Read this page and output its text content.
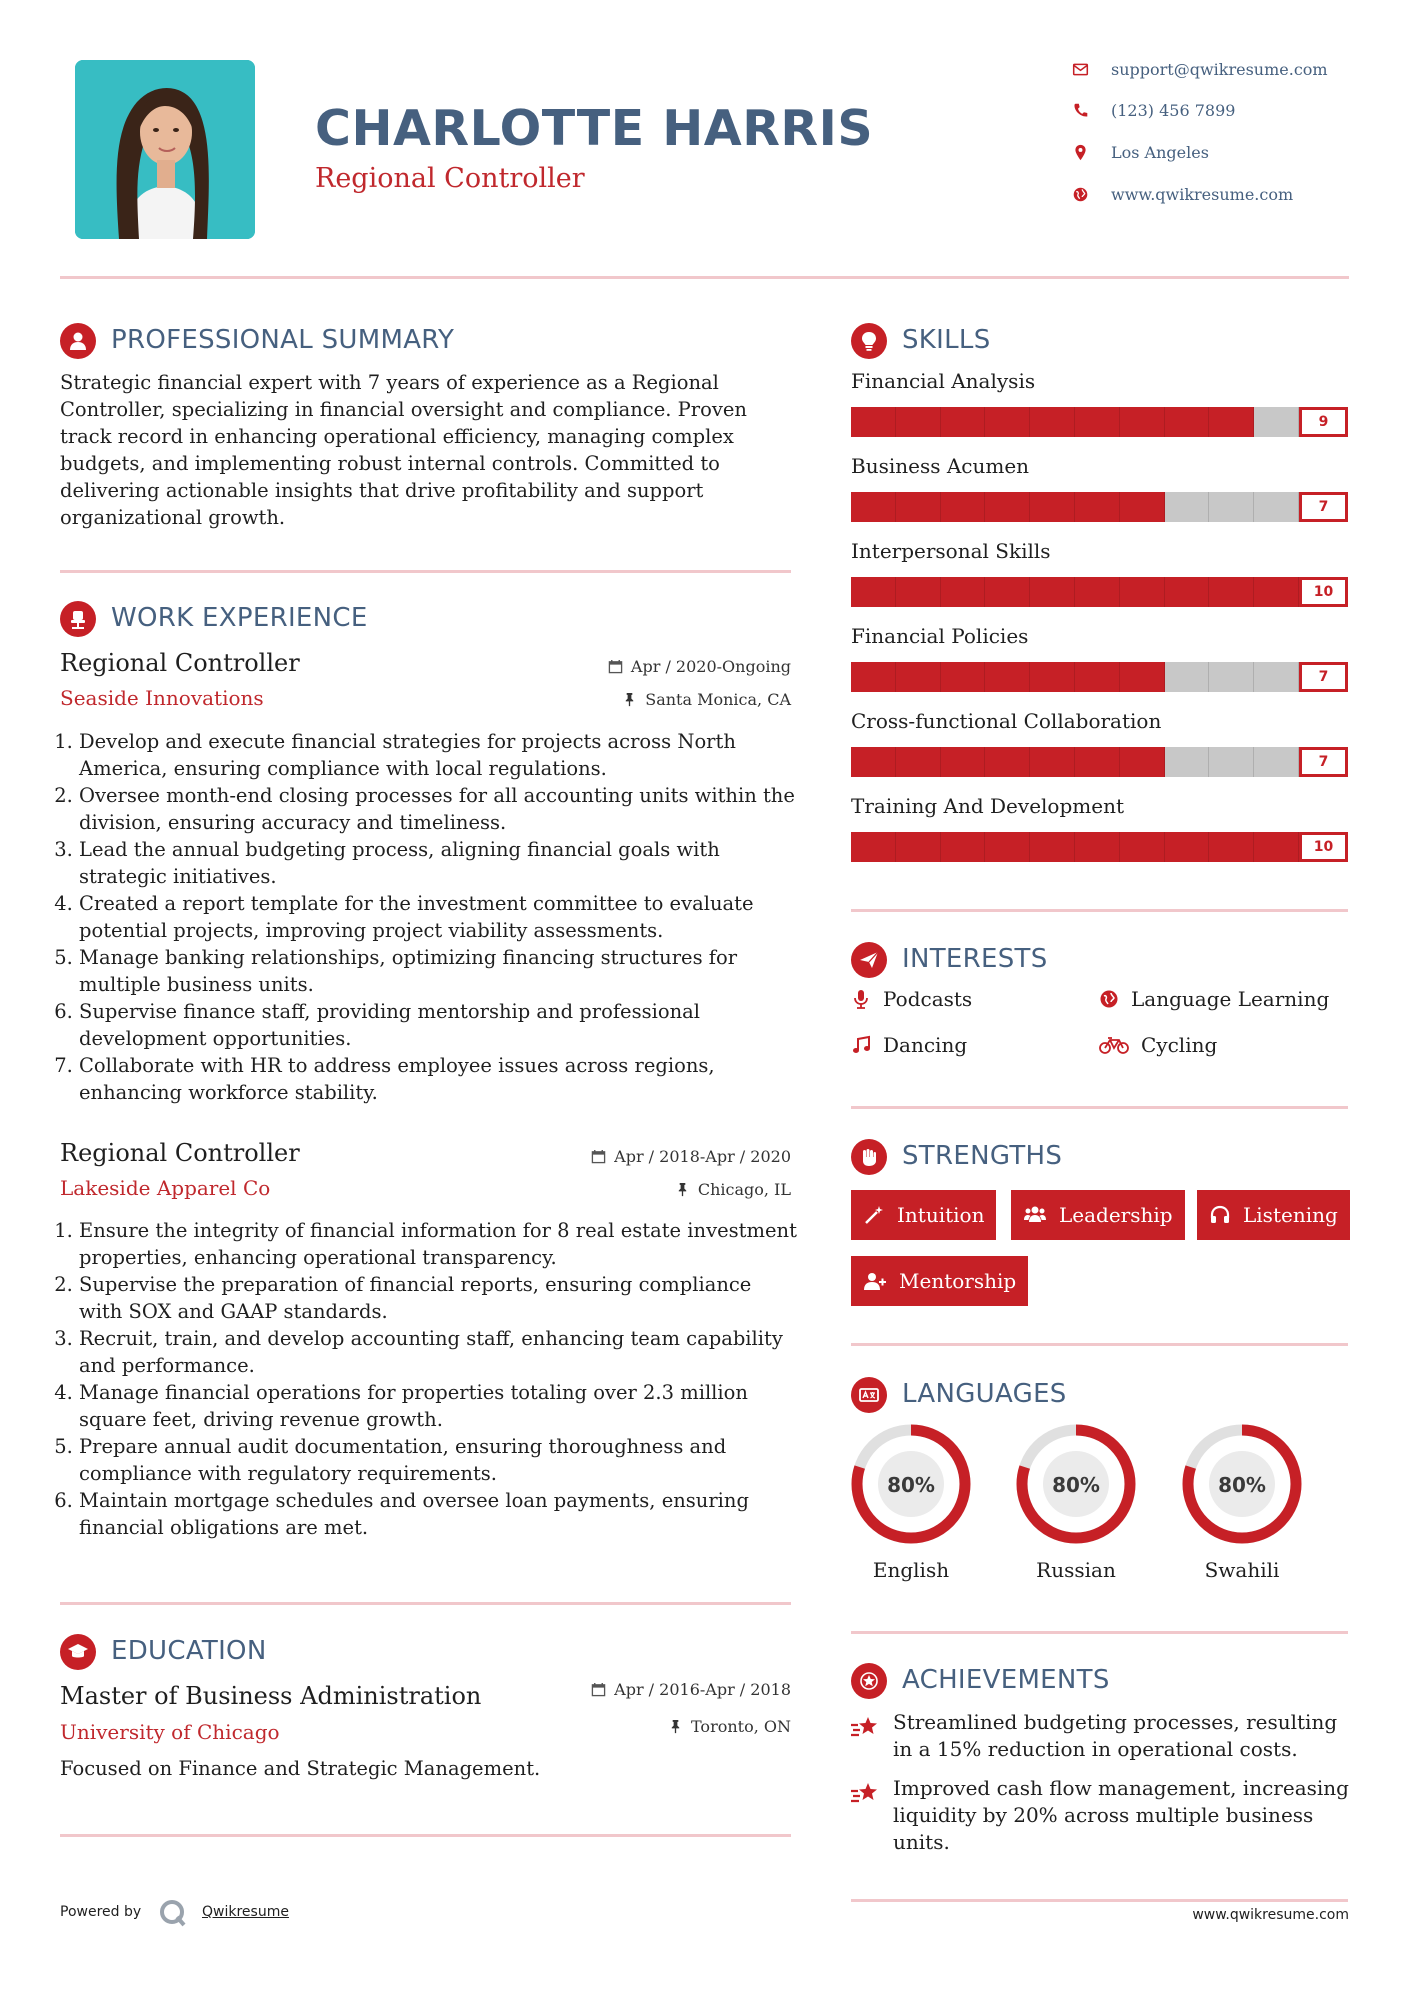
CHARLOTTE HARRIS
Regional Controller
support@qwikresume.com
(123) 456 7899
Los Angeles
www.qwikresume.com
PROFESSIONAL SUMMARY
Strategic financial expert with 7 years of experience as a Regional Controller, specializing in financial oversight and compliance. Proven track record in enhancing operational efficiency, managing complex budgets, and implementing robust internal controls. Committed to delivering actionable insights that drive profitability and support organizational growth.
WORK EXPERIENCE
Regional Controller	Apr / 2020-Ongoing
Seaside Innovations	Santa Monica, CA
1. Develop and execute financial strategies for projects across North America, ensuring compliance with local regulations.
2. Oversee month-end closing processes for all accounting units within the division, ensuring accuracy and timeliness.
3. Lead the annual budgeting process, aligning financial goals with strategic initiatives.
4. Created a report template for the investment committee to evaluate potential projects, improving project viability assessments.
5. Manage banking relationships, optimizing financing structures for multiple business units.
6. Supervise finance staff, providing mentorship and professional development opportunities.
7. Collaborate with HR to address employee issues across regions, enhancing workforce stability.
Regional Controller	Apr / 2018-Apr / 2020
Lakeside Apparel Co	Chicago, IL
1. Ensure the integrity of financial information for 8 real estate investment properties, enhancing operational transparency.
2. Supervise the preparation of financial reports, ensuring compliance with SOX and GAAP standards.
3. Recruit, train, and develop accounting staff, enhancing team capability and performance.
4. Manage financial operations for properties totaling over 2.3 million square feet, driving revenue growth.
5. Prepare annual audit documentation, ensuring thoroughness and compliance with regulatory requirements.
6. Maintain mortgage schedules and oversee loan payments, ensuring financial obligations are met.
EDUCATION
Master of Business Administration	Apr / 2016-Apr / 2018
University of Chicago	Toronto, ON
Focused on Finance and Strategic Management.
Powered by	Qwikresume
SKILLS
Financial Analysis
9
Business Acumen
7
Interpersonal Skills
10
Financial Policies
7
Cross-functional Collaboration
7
Training And Development
10
INTERESTS
Podcasts	Language Learning
Dancing	Cycling
STRENGTHS
Intuition	Leadership	Listening
Mentorship
LANGUAGES
80%
English
80%
Russian
80%
Swahili
ACHIEVEMENTS
Streamlined budgeting processes, resulting in a 15% reduction in operational costs.
Improved cash flow management, increasing liquidity by 20% across multiple business units.
www.qwikresume.com
